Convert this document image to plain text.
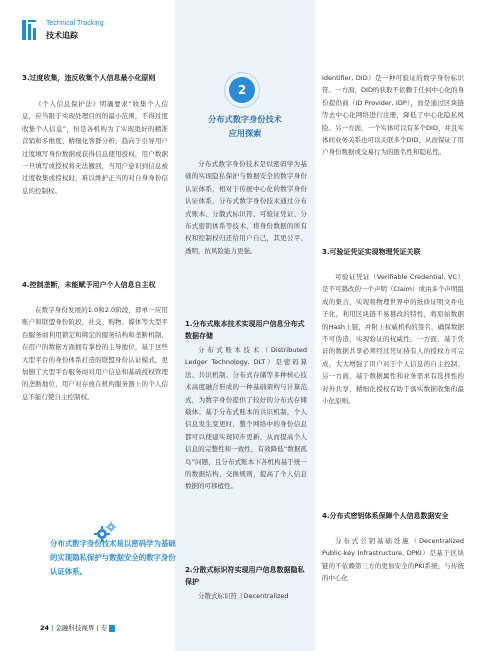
Technical Tracking
技术追踪

3.过度收集，违反收集个人信息最小化原则

《个人信息保护法》明确要求“收集个人信息，应当限于实现处理目的的最小范围，不得过度收集个人信息”，但是各机构为了实现更好的精准营销和多维度、精细化客群分析，趋向于引导用户过度填写身份数据或获得信息使用授权，用户数据一旦填写或授权将无法撤回，当用户意识到信息被过度收集或授权时，难以维护正当的对自身身份信息的控制权。

4.控制垄断，未能赋予用户个人信息自主权

在数字身份发展的1.0和2.0阶段，即单一应用账户和联盟身份阶段，社交、购物、媒体等大型平台服务商利用锁定和绑定的服务结构和垄断机制，在用户的数据方面拥有掌控的主导地位，基于这些大型平台的身份体系打造的联盟身份认证模式，更加剧了大型平台服务商对用户信息和基础授权管理的垄断地位，用户对存放在机构服务器上的个人信息不能行使自主控制权。

分布式数字身份技术是以密码学为基础的实现隐私保护与数据安全的数字身份认证体系。
24 | 金融科技视界 | 专
2
分布式数字身份技术
应用探索

分布式数字身份技术是以密码学为基础的实现隐私保护与数据安全的数字身份认证体系，相对于传统中心化的数字身份认证体系，分布式数字身份技术通过分布式账本、分散式标识符、可验证凭证、分布式密钥体系等技术，将身份数据的所有权和控制权归还给用户自己，其更公平、透明，抗风险能力更强。

1.分布式账本技术实现用户信息分布式数据存储

分布式账本技术（Distributed Ledger Technology, DLT）是密码算法、共识机制、分布式存储等多种核心技术高度融合形成的一种基础架构与计算范式，为数字身份提供了较好的分布式存储载体。基于分布式账本的共识机制，个人信息发生变更时，整个网络中的身份信息都可以使建实现同步更新，从而提高个人信息的完整性和一致性，有效降低“数据孤岛”问题，且分布式账本下各机构基于统一的数据结构、交换规则，提高了个人信息数据的可移植性。

2.分散式标识符实现用户信息数据隐私保护

分散式标识符（Decentralized

Identifier, DID）是一种可验证的数字身份标识符。一方面，DID的获取不依赖于任何中心化的身份提供商（ID Provider, IDP），而是通过区块链等去中心化网络进行注册，降低了中心化隐私风险。另一方面，一个实体可以有多个DID，并且实体间业务关系也可以关联多个DID，从而保证了用户身份数据或交易行为的匿名性和隐私性。

3.可验证凭证实现物理凭证关联

可验证凭证（Verifiable Credential, VC）是不可篡改的一个声明（Claim）或由多个声明组成的集合，实现将物理世界中的纸质证明文件电子化，利用区块链不易篡改的特性，将原始数据的Hash上链，并附上权威机构的签名，确保数据不可伪造，实现验证的权威性。一方面，基于凭证的数据共享必须经过凭证持有人的授权方可完成，大大增强了用户对于个人信息的自主控制；另一方面，基于数据属性和业务需求有选择性的对外共享，精细化授权有助于落实数据收集的最小化原则。

4.分布式密钥体系保障个人信息数据安全

分布式公钥基础设施（Decentralized Public-key Infrastructure, DPKI）是基于区块链的不依赖第三方的更加安全的PKI系统，与传统的中心化
